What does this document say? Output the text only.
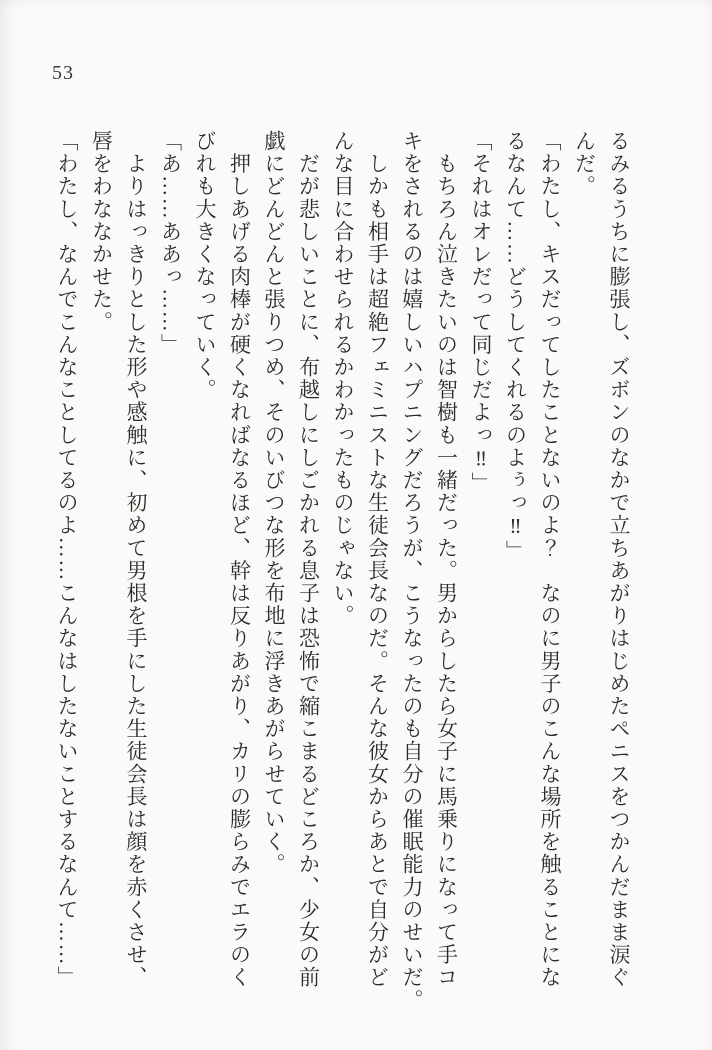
53
るみるうちに膨張し、ズボンのなかで立ちあがりはじめたペニスをつかんだまま涙ぐ
んだ。
「わたし、キスだってしたことないのよ？　なのに男子のこんな場所を触ることにな
るなんて……どうしてくれるのよぅっ‼」
「それはオレだって同じだよっ‼」
　もちろん泣きたいのは智樹も一緒だった。男からしたら女子に馬乗りになって手コ
キをされるのは嬉しいハプニングだろうが、こうなったのも自分の催眠能力のせいだ。
　しかも相手は超絶フェミニストな生徒会長なのだ。そんな彼女からあとで自分がど
んな目に合わせられるかわかったものじゃない。
　だが悲しいことに、布越しにしごかれる息子は恐怖で縮こまるどころか、少女の前
戯にどんどんと張りつめ、そのいびつな形を布地に浮きあがらせていく。
　押しあげる肉棒が硬くなればなるほど、幹は反りあがり、カリの膨らみでエラのく
びれも大きくなっていく。
「あ……ああっ……」
　よりはっきりとした形や感触に、初めて男根を手にした生徒会長は顔を赤くさせ、
唇をわななかせた。
「わたし、なんでこんなことしてるのよ……こんなはしたないことするなんて……」
